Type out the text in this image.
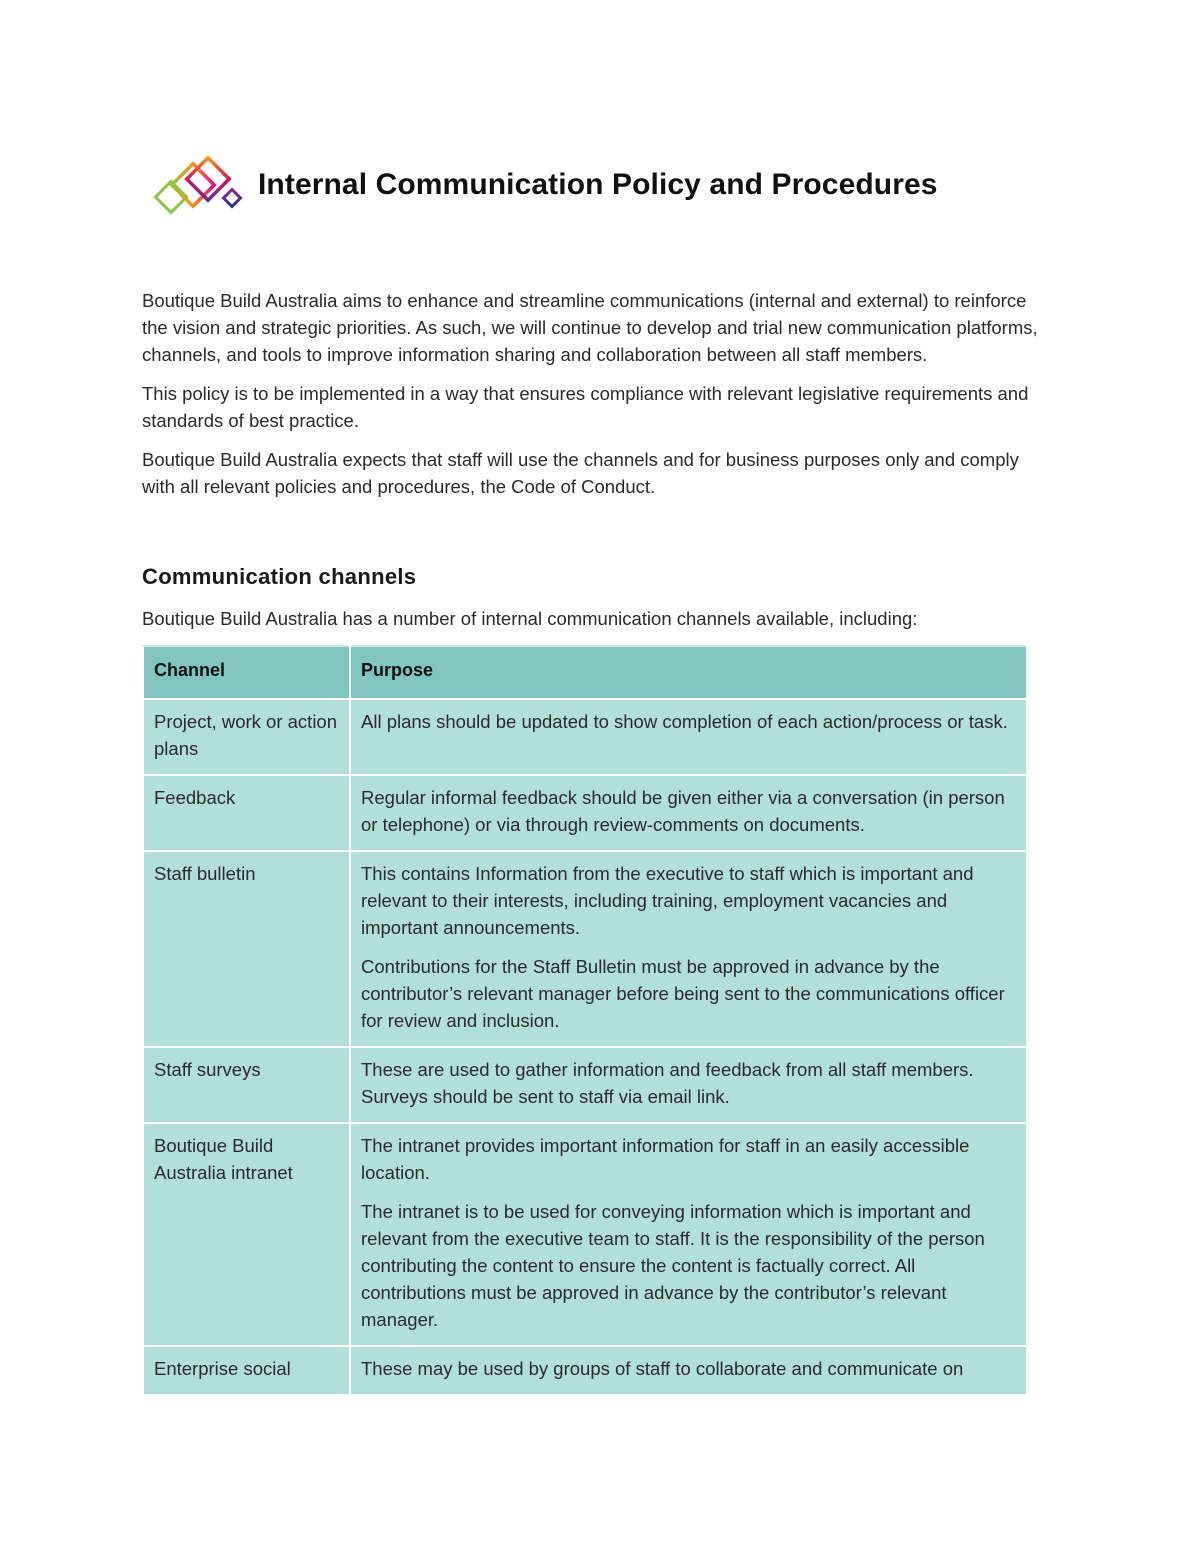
Internal Communication Policy and Procedures

Boutique Build Australia aims to enhance and streamline communications (internal and external) to reinforce the vision and strategic priorities. As such, we will continue to develop and trial new communication platforms, channels, and tools to improve information sharing and collaboration between all staff members.

This policy is to be implemented in a way that ensures compliance with relevant legislative requirements and standards of best practice.

Boutique Build Australia expects that staff will use the channels and for business purposes only and comply with all relevant policies and procedures, the Code of Conduct.

Communication channels

Boutique Build Australia has a number of internal communication channels available, including:

Channel	Purpose
Project, work or action plans	All plans should be updated to show completion of each action/process or task.

Feedback	Regular informal feedback should be given either via a conversation (in person or telephone) or via through review-comments on documents.

Staff bulletin	This contains Information from the executive to staff which is important and relevant to their interests, including training, employment vacancies and important announcements.

Contributions for the Staff Bulletin must be approved in advance by the contributor’s relevant manager before being sent to the communications officer for review and inclusion.

Staff surveys	These are used to gather information and feedback from all staff members. Surveys should be sent to staff via email link.

Boutique Build Australia intranet	The intranet provides important information for staff in an easily accessible location.

The intranet is to be used for conveying information which is important and relevant from the executive team to staff. It is the responsibility of the person contributing the content to ensure the content is factually correct. All contributions must be approved in advance by the contributor’s relevant manager.

Enterprise social	These may be used by groups of staff to collaborate and communicate on
